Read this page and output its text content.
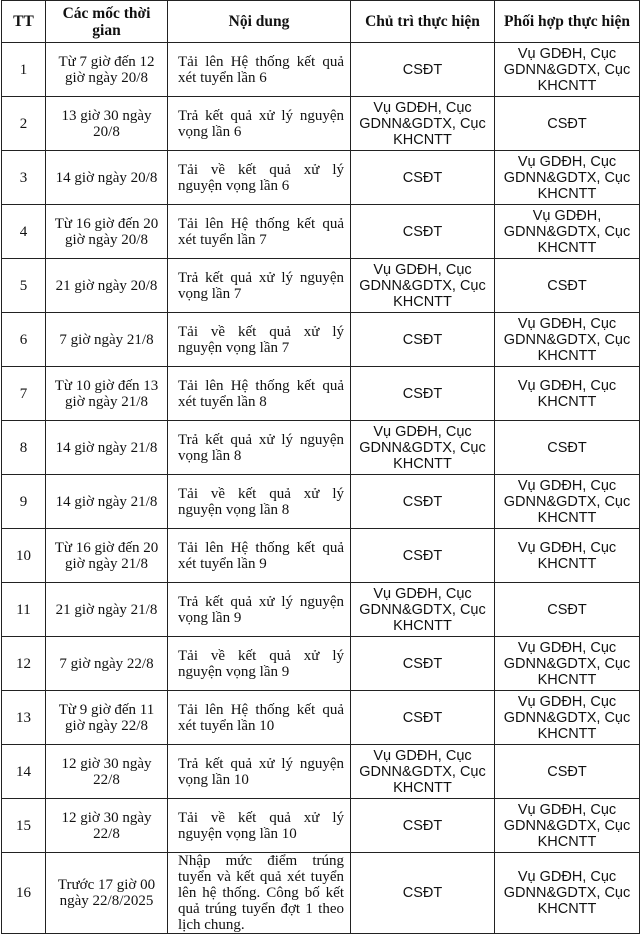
TT	Các mốc thời gian	Nội dung	Chủ trì thực hiện	Phối hợp thực hiện
1	Từ 7 giờ đến 12 giờ ngày 20/8	Tải lên Hệ thống kết quả xét tuyển lần 6	CSĐT	Vụ GDĐH, Cục GDNN&GDTX, Cục KHCNTT
2	13 giờ 30 ngày 20/8	Trả kết quả xử lý nguyện vọng lần 6	Vụ GDĐH, Cục GDNN&GDTX, Cục KHCNTT	CSĐT
3	14 giờ ngày 20/8	Tải về kết quả xử lý nguyện vọng lần 6	CSĐT	Vụ GDĐH, Cục GDNN&GDTX, Cục KHCNTT
4	Từ 16 giờ đến 20 giờ ngày 20/8	Tải lên Hệ thống kết quả xét tuyển lần 7	CSĐT	Vụ GDĐH, GDNN&GDTX, Cục KHCNTT
5	21 giờ ngày 20/8	Trả kết quả xử lý nguyện vọng lần 7	Vụ GDĐH, Cục GDNN&GDTX, Cục KHCNTT	CSĐT
6	7 giờ ngày 21/8	Tải về kết quả xử lý nguyện vọng lần 7	CSĐT	Vụ GDĐH, Cục GDNN&GDTX, Cục KHCNTT
7	Từ 10 giờ đến 13 giờ ngày 21/8	Tải lên Hệ thống kết quả xét tuyển lần 8	CSĐT	Vụ GDĐH, Cục KHCNTT
8	14 giờ ngày 21/8	Trả kết quả xử lý nguyện vọng lần 8	Vụ GDĐH, Cục GDNN&GDTX, Cục KHCNTT	CSĐT
9	14 giờ ngày 21/8	Tải về kết quả xử lý nguyện vọng lần 8	CSĐT	Vụ GDĐH, Cục GDNN&GDTX, Cục KHCNTT
10	Từ 16 giờ đến 20 giờ ngày 21/8	Tải lên Hệ thống kết quả xét tuyển lần 9	CSĐT	Vụ GDĐH, Cục KHCNTT
11	21 giờ ngày 21/8	Trả kết quả xử lý nguyện vọng lần 9	Vụ GDĐH, Cục GDNN&GDTX, Cục KHCNTT	CSĐT
12	7 giờ ngày 22/8	Tải về kết quả xử lý nguyện vọng lần 9	CSĐT	Vụ GDĐH, Cục GDNN&GDTX, Cục KHCNTT
13	Từ 9 giờ đến 11 giờ ngày 22/8	Tải lên Hệ thống kết quả xét tuyển lần 10	CSĐT	Vụ GDĐH, Cục GDNN&GDTX, Cục KHCNTT
14	12 giờ 30 ngày 22/8	Trả kết quả xử lý nguyện vọng lần 10	Vụ GDĐH, Cục GDNN&GDTX, Cục KHCNTT	CSĐT
15	12 giờ 30 ngày 22/8	Tải về kết quả xử lý nguyện vọng lần 10	CSĐT	Vụ GDĐH, Cục GDNN&GDTX, Cục KHCNTT
16	Trước 17 giờ 00 ngày 22/8/2025	Nhập mức điểm trúng tuyển và kết quả xét tuyển lên hệ thống. Công bố kết quả trúng tuyển đợt 1 theo lịch chung.	CSĐT	Vụ GDĐH, Cục GDNN&GDTX, Cục KHCNTT
